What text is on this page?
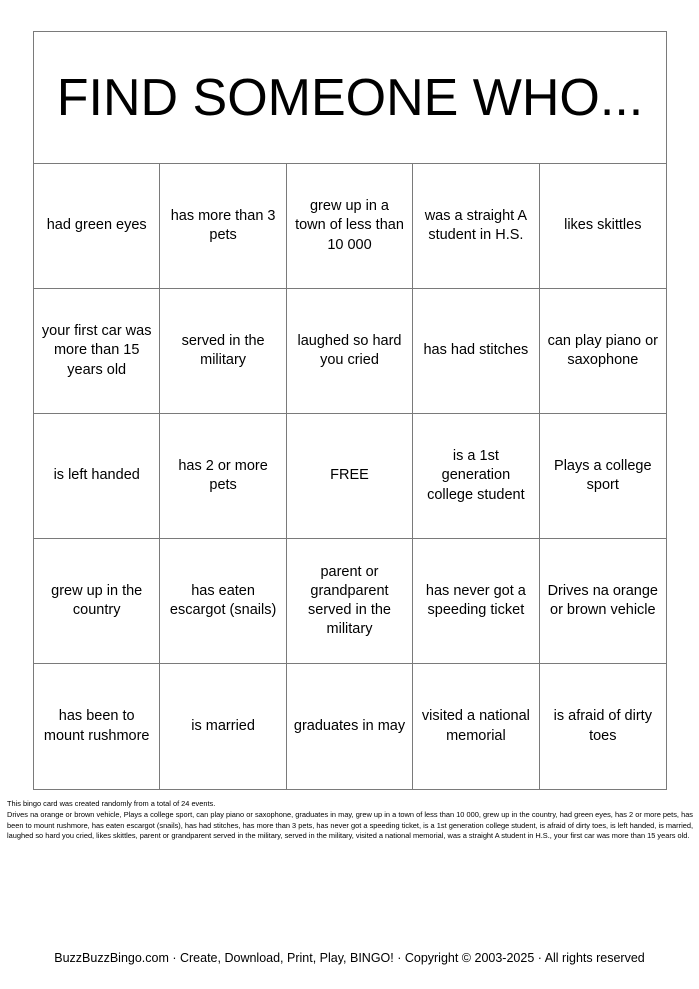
FIND SOMEONE WHO...
had green eyes
has more than 3 pets
grew up in a town of less than 10 000
was a straight A student in H.S.
likes skittles
your first car was more than 15 years old
served in the military
laughed so hard you cried
has had stitches
can play piano or saxophone
is left handed
has 2 or more pets
FREE
is a 1st generation college student
Plays a college sport
grew up in the country
has eaten escargot (snails)
parent or grandparent served in the military
has never got a speeding ticket
Drives na orange or brown vehicle
has been to mount rushmore
is married	graduates in may
visited a national memorial
is afraid of dirty toes
This bingo card was created randomly from a total of 24 events.
Drives na orange or brown vehicle, Plays a college sport, can play piano or saxophone, graduates in may, grew up in a town of less than 10 000, grew up in the country, had green eyes, has 2 or more pets, has been to mount rushmore, has eaten escargot (snails), has had stitches, has more than 3 pets, has never got a speeding ticket, is a 1st generation college student, is afraid of dirty toes, is left handed, is married, laughed so hard you cried, likes skittles, parent or grandparent served in the military, served in the military, visited a national memorial, was a straight A student in H.S., your first car was more than 15 years old.
BuzzBuzzBingo.com · Create, Download, Print, Play, BINGO! · Copyright © 2003-2025 · All rights reserved
